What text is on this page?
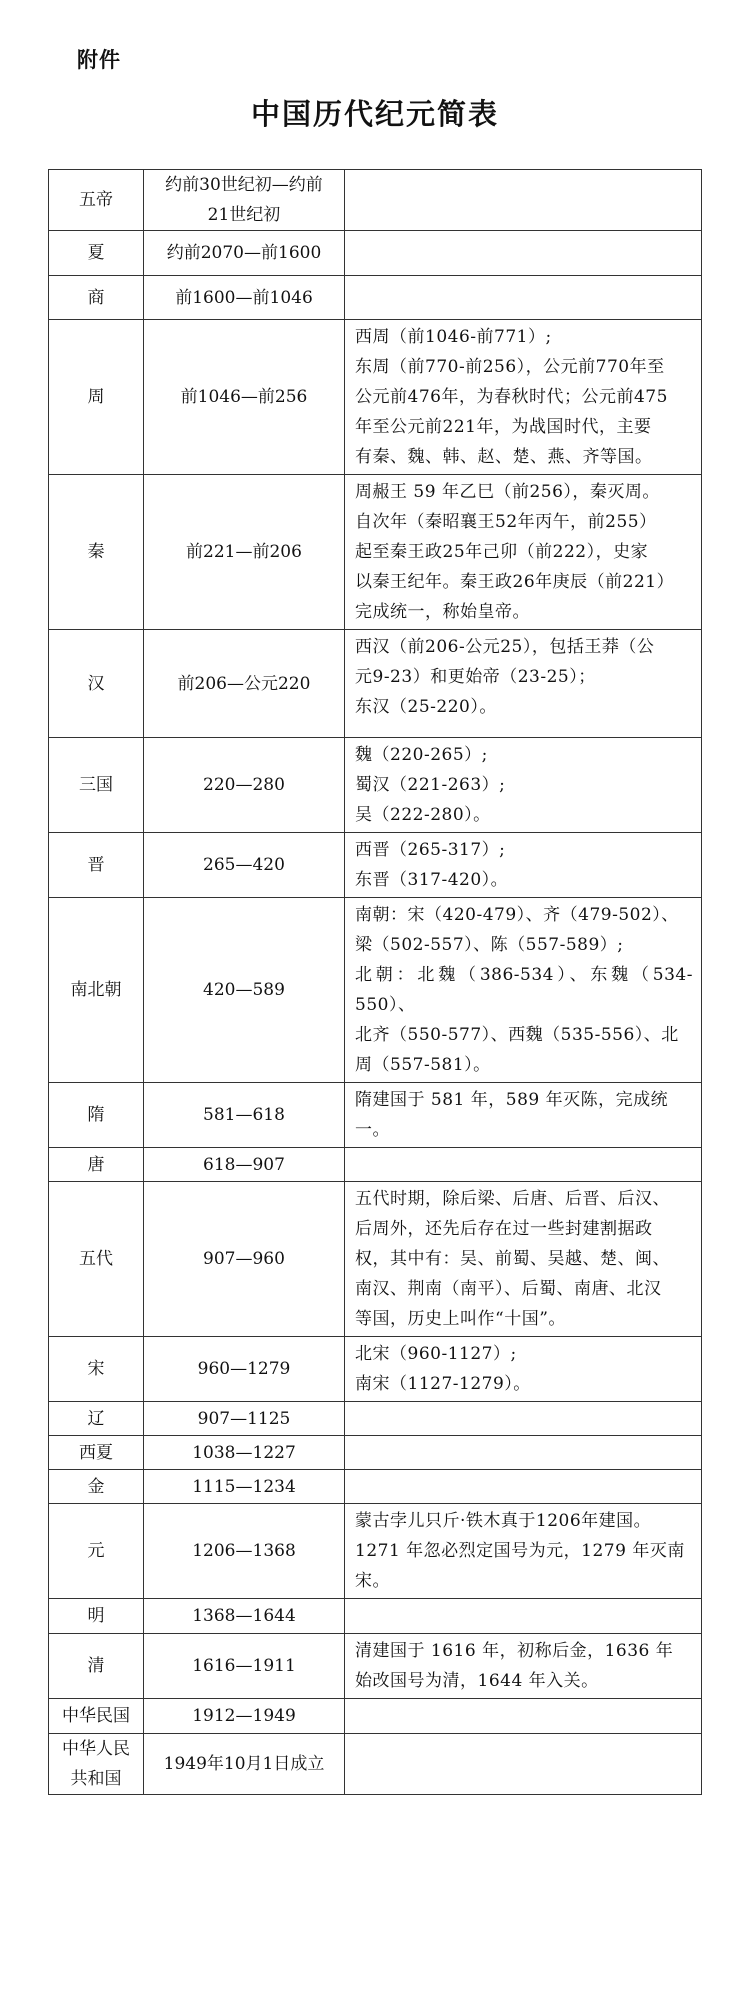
附件
中国历代纪元简表
五帝	约前30世纪初—约前
21世纪初	

夏	约前2070—前1600	

商	前1600—前1046	

周	前1046—前256	西周（前1046-前771）;
东周（前770-前256），公元前770年至
公元前476年，为春秋时代；公元前475
年至公元前221年，为战国时代，主要
有秦、魏、韩、赵、楚、燕、齐等国。

秦	前221—前206	周赧王 59 年乙巳（前256），秦灭周。
自次年（秦昭襄王52年丙午，前255）
起至秦王政25年己卯（前222），史家
以秦王纪年。秦王政26年庚辰（前221）
完成统一，称始皇帝。

汉	前206—公元220	西汉（前206-公元25），包括王莽（公
元9-23）和更始帝（23-25）；
东汉（25-220）。

三国	220—280	魏（220-265）;
蜀汉（221-263）;
吴（222-280）。

晋	265—420	西晋（265-317）;
东晋（317-420）。

南北朝	420—589	南朝：宋（420-479）、齐（479-502）、
梁（502-557）、陈（557-589）;
北朝：北魏（386-534）、东魏（534-550）、
北齐（550-577）、西魏（535-556）、北
周（557-581）。

隋	581—618	隋建国于 581 年，589 年灭陈，完成统
一。

唐	618—907	

五代	907—960	五代时期，除后梁、后唐、后晋、后汉、
后周外，还先后存在过一些封建割据政
权，其中有：吴、前蜀、吴越、楚、闽、
南汉、荆南（南平）、后蜀、南唐、北汉
等国，历史上叫作“十国”。

宋	960—1279	北宋（960-1127）;
南宋（1127-1279）。

辽	907—1125	

西夏	1038—1227	

金	1115—1234	

元	1206—1368	蒙古孛儿只斤·铁木真于1206年建国。
1271 年忽必烈定国号为元，1279 年灭南
宋。

明	1368—1644	

清	1616—1911	清建国于 1616 年，初称后金，1636 年
始改国号为清，1644 年入关。

中华民国	1912—1949	

中华人民
共和国	1949年10月1日成立	
